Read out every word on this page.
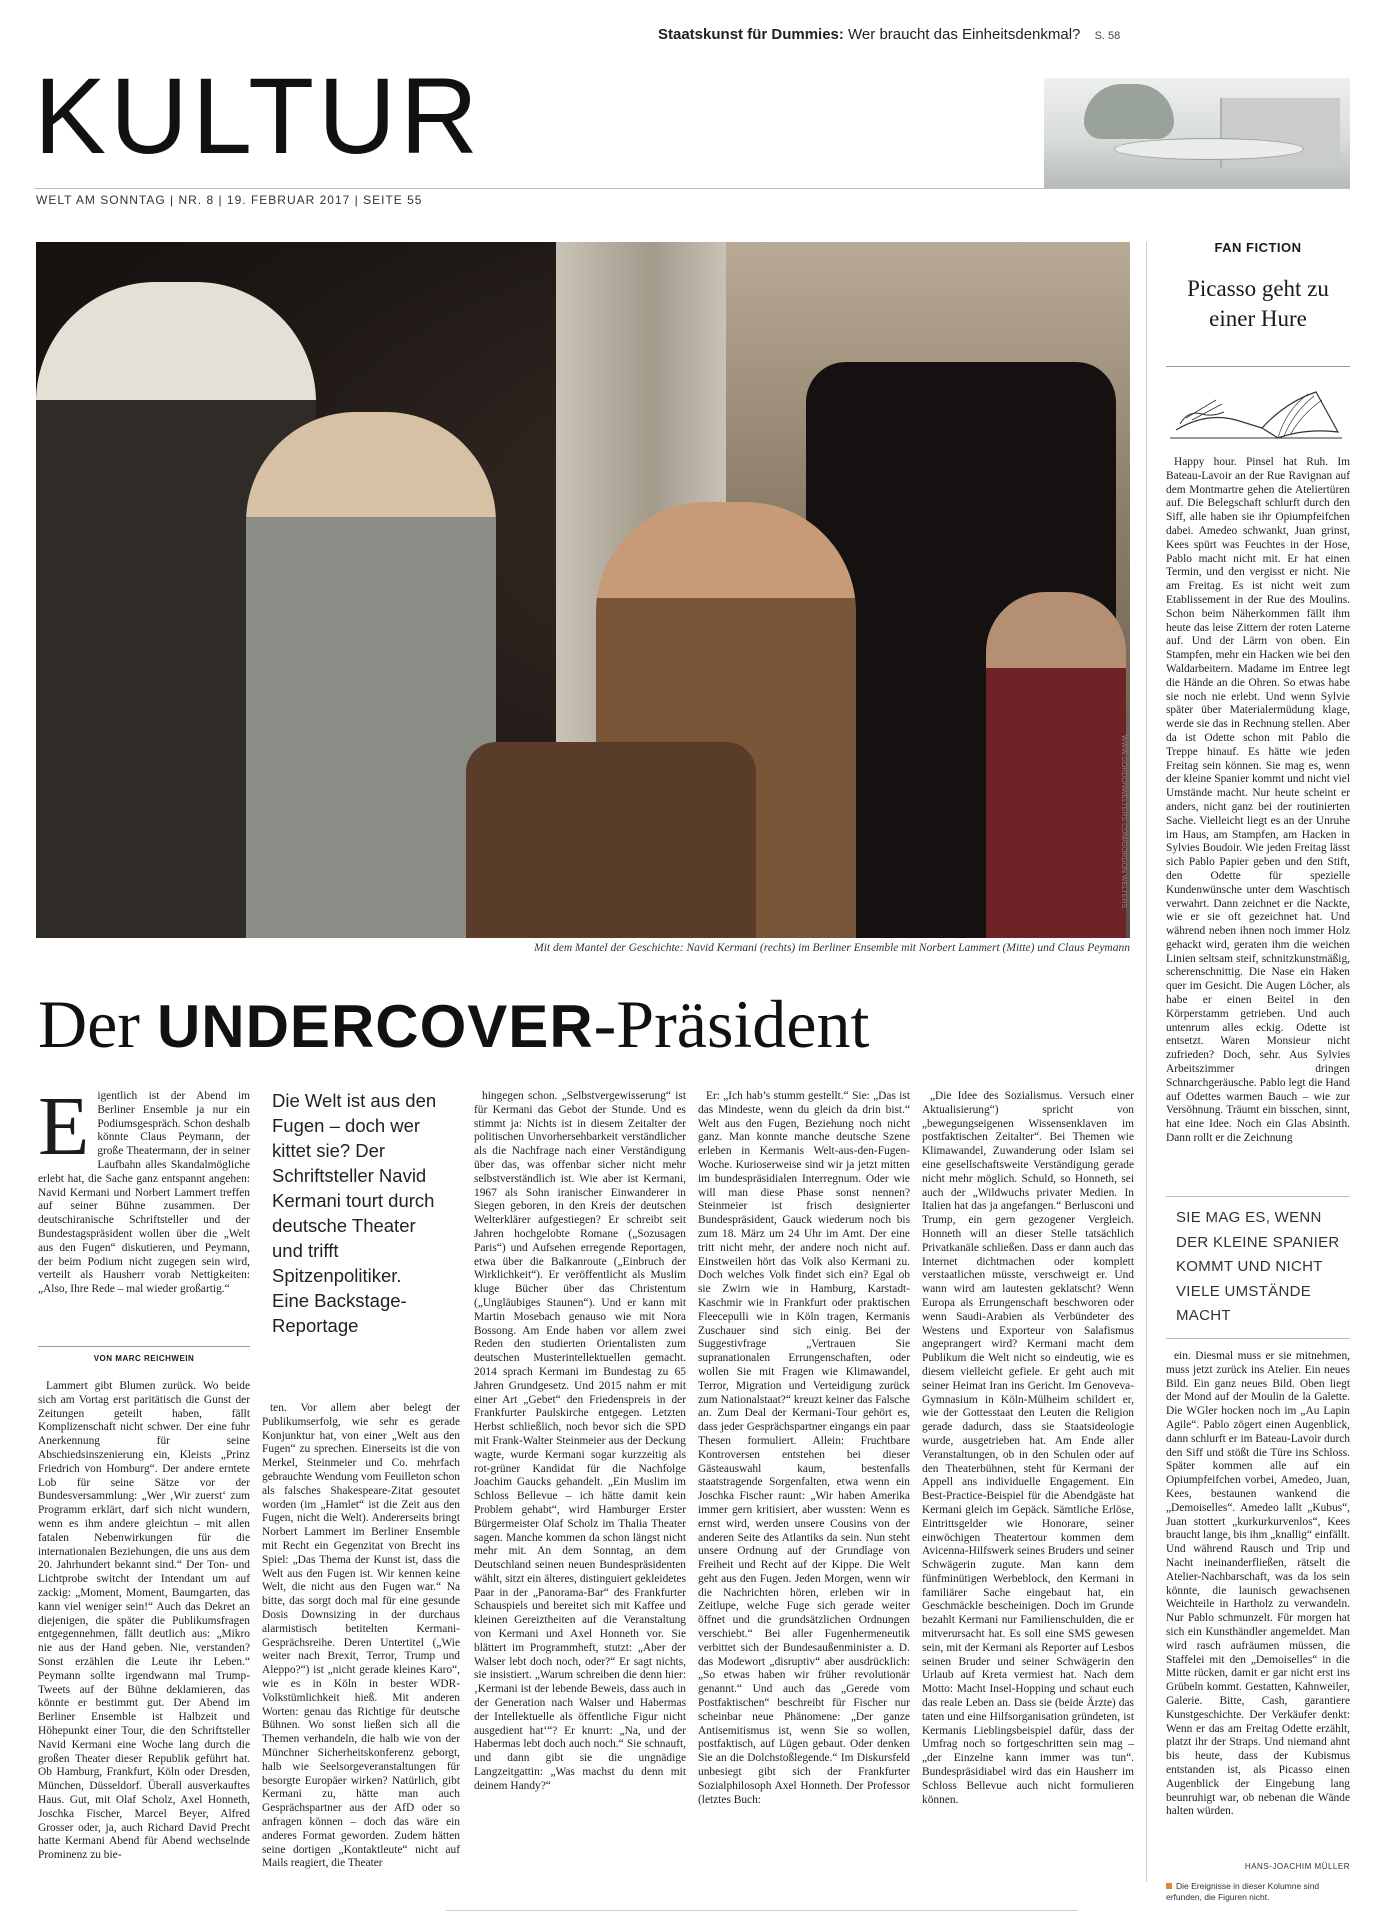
Staatskunst für Dummies: Wer braucht das Einheitsdenkmal? S. 58
KULTUR
WELT AM SONNTAG | NR. 8 | 19. FEBRUAR 2017 | SEITE 55
WWW.GORDONWELTERS.COM/GORDON WELTERS
Mit dem Mantel der Geschichte: Navid Kermani (rechts) im Berliner Ensemble mit Norbert Lammert (Mitte) und Claus Peymann
Der UNDERCOVER-Präsident
Eigentlich ist der Abend im Berliner Ensemble ja nur ein Podiumsgespräch. Schon deshalb könnte Claus Peymann, der große Theatermann, der in seiner Laufbahn alles Skandalmögliche erlebt hat, die Sache ganz entspannt angehen: Navid Kermani und Norbert Lammert treffen auf seiner Bühne zusammen. Der deutschiranische Schriftsteller und der Bundestagspräsident wollen über die „Welt aus den Fugen“ diskutieren, und Peymann, der beim Podium nicht zugegen sein wird, verteilt als Hausherr vorab Nettigkeiten: „Also, Ihre Rede – mal wieder großartig.“
VON MARC REICHWEIN

Lammert gibt Blumen zurück. Wo beide sich am Vortag erst paritätisch die Gunst der Zeitungen geteilt haben, fällt Komplizenschaft nicht schwer. Der eine fuhr Anerkennung für seine Abschiedsinszenierung ein, Kleists „Prinz Friedrich von Homburg“. Der andere erntete Lob für seine Sätze vor der Bundesversammlung: „Wer ‚Wir zuerst‘ zum Programm erklärt, darf sich nicht wundern, wenn es ihm andere gleichtun – mit allen fatalen Nebenwirkungen für die internationalen Beziehungen, die uns aus dem 20. Jahrhundert bekannt sind.“ Der Ton- und Lichtprobe switcht der Intendant um auf zackig: „Moment, Moment, Baumgarten, das kann viel weniger sein!“ Auch das Dekret an diejenigen, die später die Publikumsfragen entgegennehmen, fällt deutlich aus: „Mikro nie aus der Hand geben. Nie, verstanden? Sonst erzählen die Leute ihr Leben.“ Peymann sollte irgendwann mal Trump-Tweets auf der Bühne deklamieren, das könnte er bestimmt gut. Der Abend im Berliner Ensemble ist Halbzeit und Höhepunkt einer Tour, die den Schriftsteller Navid Kermani eine Woche lang durch die großen Theater dieser Republik geführt hat. Ob Hamburg, Frankfurt, Köln oder Dresden, München, Düsseldorf. Überall ausverkauftes Haus. Gut, mit Olaf Scholz, Axel Honneth, Joschka Fischer, Marcel Beyer, Alfred Grosser oder, ja, auch Richard David Precht hatte Kermani Abend für Abend wechselnde Prominenz zu bie-

Die Welt ist aus den Fugen – doch wer kittet sie? Der Schriftsteller Navid Kermani tourt durch deutsche Theater und trifft Spitzenpolitiker. Eine Backstage-Reportage

ten. Vor allem aber belegt der Publikumserfolg, wie sehr es gerade Konjunktur hat, von einer „Welt aus den Fugen“ zu sprechen. Einerseits ist die von Merkel, Steinmeier und Co. mehrfach gebrauchte Wendung vom Feuilleton schon als falsches Shakespeare-Zitat gesoutet worden (im „Hamlet“ ist die Zeit aus den Fugen, nicht die Welt). Andererseits bringt Norbert Lammert im Berliner Ensemble mit Recht ein Gegenzitat von Brecht ins Spiel: „Das Thema der Kunst ist, dass die Welt aus den Fugen ist. Wir kennen keine Welt, die nicht aus den Fugen war.“ Na bitte, das sorgt doch mal für eine gesunde Dosis Downsizing in der durchaus alarmistisch betitelten Kermani-Gesprächsreihe. Deren Untertitel („Wie weiter nach Brexit, Terror, Trump und Aleppo?“) ist „nicht gerade kleines Karo“, wie es in Köln in bester WDR-Volkstümlichkeit hieß. Mit anderen Worten: genau das Richtige für deutsche Bühnen. Wo sonst ließen sich all die Themen verhandeln, die halb wie von der Münchner Sicherheitskonferenz geborgt, halb wie Seelsorgeveranstaltungen für besorgte Europäer wirken? Natürlich, gibt Kermani zu, hätte man auch Gesprächspartner aus der AfD oder so anfragen können – doch das wäre ein anderes Format geworden. Zudem hätten seine dortigen „Kontaktleute“ nicht auf Mails reagiert, die Theater

hingegen schon. „Selbstvergewisserung“ ist für Kermani das Gebot der Stunde. Und es stimmt ja: Nichts ist in diesem Zeitalter der politischen Unvorhersehbarkeit verständlicher als die Nachfrage nach einer Verständigung über das, was offenbar sicher nicht mehr selbstverständlich ist. Wie aber ist Kermani, 1967 als Sohn iranischer Einwanderer in Siegen geboren, in den Kreis der deutschen Welterklärer aufgestiegen? Er schreibt seit Jahren hochgelobte Romane („Sozusagen Paris“) und Aufsehen erregende Reportagen, etwa über die Balkanroute („Einbruch der Wirklichkeit“). Er veröffentlicht als Muslim kluge Bücher über das Christentum („Ungläubiges Staunen“). Und er kann mit Martin Mosebach genauso wie mit Nora Bossong. Am Ende haben vor allem zwei Reden den studierten Orientalisten zum deutschen Musterintellektuellen gemacht. 2014 sprach Kermani im Bundestag zu 65 Jahren Grundgesetz. Und 2015 nahm er mit einer Art „Gebet“ den Friedenspreis in der Frankfurter Paulskirche entgegen. Letzten Herbst schließlich, noch bevor sich die SPD mit Frank-Walter Steinmeier aus der Deckung wagte, wurde Kermani sogar kurzzeitig als rot-grüner Kandidat für die Nachfolge Joachim Gaucks gehandelt. „Ein Muslim im Schloss Bellevue – ich hätte damit kein Problem gehabt“, wird Hamburger Erster Bürgermeister Olaf Scholz im Thalia Theater sagen. Manche kommen da schon längst nicht mehr mit. An dem Sonntag, an dem Deutschland seinen neuen Bundespräsidenten wählt, sitzt ein älteres, distinguiert gekleidetes Paar in der „Panorama-Bar“ des Frankfurter Schauspiels und bereitet sich mit Kaffee und kleinen Gereiztheiten auf die Veranstaltung von Kermani und Axel Honneth vor. Sie blättert im Programmheft, stutzt: „Aber der Walser lebt doch noch, oder?“ Er sagt nichts, sie insistiert. „Warum schreiben die denn hier: ‚Kermani ist der lebende Beweis, dass auch in der Generation nach Walser und Habermas der Intellektuelle als öffentliche Figur nicht ausgedient hat‘“? Er knurrt: „Na, und der Habermas lebt doch auch noch.“ Sie schnauft, und dann gibt sie die ungnädige Langzeitgattin: „Was machst du denn mit deinem Handy?“

Er: „Ich hab’s stumm gestellt.“ Sie: „Das ist das Mindeste, wenn du gleich da drin bist.“ Welt aus den Fugen, Beziehung noch nicht ganz. Man konnte manche deutsche Szene erleben in Kermanis Welt-aus-den-Fugen-Woche. Kurioserweise sind wir ja jetzt mitten im bundespräsidialen Interregnum. Oder wie will man diese Phase sonst nennen? Steinmeier ist frisch designierter Bundespräsident, Gauck wiederum noch bis zum 18. März um 24 Uhr im Amt. Der eine tritt nicht mehr, der andere noch nicht auf. Einstweilen hört das Volk also Kermani zu. Doch welches Volk findet sich ein? Egal ob sie Zwirn wie in Hamburg, Karstadt-Kaschmir wie in Frankfurt oder praktischen Fleecepulli wie in Köln tragen, Kermanis Zuschauer sind sich einig. Bei der Suggestivfrage „Vertrauen Sie supranationalen Errungenschaften, oder wollen Sie mit Fragen wie Klimawandel, Terror, Migration und Verteidigung zurück zum Nationalstaat?“ kreuzt keiner das Falsche an. Zum Deal der Kermani-Tour gehört es, dass jeder Gesprächspartner eingangs ein paar Thesen formuliert. Allein: Fruchtbare Kontroversen entstehen bei dieser Gästeauswahl kaum, bestenfalls staatstragende Sorgenfalten, etwa wenn ein Joschka Fischer raunt: „Wir haben Amerika immer gern kritisiert, aber wussten: Wenn es ernst wird, werden unsere Cousins von der anderen Seite des Atlantiks da sein. Nun steht unsere Ordnung auf der Grundlage von Freiheit und Recht auf der Kippe. Die Welt geht aus den Fugen. Jeden Morgen, wenn wir die Nachrichten hören, erleben wir in Zeitlupe, welche Fuge sich gerade weiter öffnet und die grundsätzlichen Ordnungen verschiebt.“ Bei aller Fugenhermeneutik verbittet sich der Bundesaußenminister a. D. das Modewort „disruptiv“ aber ausdrücklich: „So etwas haben wir früher revolutionär genannt.“ Und auch das „Gerede vom Postfaktischen“ beschreibt für Fischer nur scheinbar neue Phänomene: „Der ganze Antisemitismus ist, wenn Sie so wollen, postfaktisch, auf Lügen gebaut. Oder denken Sie an die Dolchstoßlegende.“ Im Diskursfeld unbesiegt gibt sich der Frankfurter Sozialphilosoph Axel Honneth. Der Professor (letztes Buch:

„Die Idee des Sozialismus. Versuch einer Aktualisierung“) spricht von „bewegungseigenen Wissensenklaven im postfaktischen Zeitalter“. Bei Themen wie Klimawandel, Zuwanderung oder Islam sei eine gesellschaftsweite Verständigung gerade nicht mehr möglich. Schuld, so Honneth, sei auch der „Wildwuchs privater Medien. In Italien hat das ja angefangen.“ Berlusconi und Trump, ein gern gezogener Vergleich. Honneth will an dieser Stelle tatsächlich Privatkanäle schließen. Dass er dann auch das Internet dichtmachen oder komplett verstaatlichen müsste, verschweigt er. Und wann wird am lautesten geklatscht? Wenn Europa als Errungenschaft beschworen oder wenn Saudi-Arabien als Verbündeter des Westens und Exporteur von Salafismus angeprangert wird? Kermani macht dem Publikum die Welt nicht so eindeutig, wie es diesem vielleicht gefiele. Er geht auch mit seiner Heimat Iran ins Gericht. Im Genoveva-Gymnasium in Köln-Mülheim schildert er, wie der Gottesstaat den Leuten die Religion gerade dadurch, dass sie Staatsideologie wurde, ausgetrieben hat. Am Ende aller Veranstaltungen, ob in den Schulen oder auf den Theaterbühnen, steht für Kermani der Appell ans individuelle Engagement. Ein Best-Practice-Beispiel für die Abendgäste hat Kermani gleich im Gepäck. Sämtliche Erlöse, Eintrittsgelder wie Honorare, seiner einwöchigen Theatertour kommen dem Avicenna-Hilfswerk seines Bruders und seiner Schwägerin zugute. Man kann dem fünfminütigen Werbeblock, den Kermani in familiärer Sache eingebaut hat, ein Geschmäckle bescheinigen. Doch im Grunde bezahlt Kermani nur Familienschulden, die er mitverursacht hat. Es soll eine SMS gewesen sein, mit der Kermani als Reporter auf Lesbos seinen Bruder und seiner Schwägerin den Urlaub auf Kreta vermiest hat. Nach dem Motto: Macht Insel-Hopping und schaut euch das reale Leben an. Dass sie (beide Ärzte) das taten und eine Hilfsorganisation gründeten, ist Kermanis Lieblingsbeispiel dafür, dass der Umfrag noch so fortgeschritten sein mag – „der Einzelne kann immer was tun“. Bundespräsidiabel wird das ein Hausherr im Schloss Bellevue auch nicht formulieren können.

FAN FICTION
Picasso geht zu einer Hure

Happy hour. Pinsel hat Ruh. Im Bateau-Lavoir an der Rue Ravignan auf dem Montmartre gehen die Ateliertüren auf. Die Belegschaft schlurft durch den Siff, alle haben sie ihr Opiumpfeifchen dabei. Amedeo schwankt, Juan grinst, Kees spürt was Feuchtes in der Hose, Pablo macht nicht mit. Er hat einen Termin, und den vergisst er nicht. Nie am Freitag. Es ist nicht weit zum Etablissement in der Rue des Moulins. Schon beim Näherkommen fällt ihm heute das leise Zittern der roten Laterne auf. Und der Lärm von oben. Ein Stampfen, mehr ein Hacken wie bei den Waldarbeitern. Madame im Entree legt die Hände an die Ohren. So etwas habe sie noch nie erlebt. Und wenn Sylvie später über Materialermüdung klage, werde sie das in Rechnung stellen. Aber da ist Odette schon mit Pablo die Treppe hinauf. Es hätte wie jeden Freitag sein können. Sie mag es, wenn der kleine Spanier kommt und nicht viel Umstände macht. Nur heute scheint er anders, nicht ganz bei der routinierten Sache. Vielleicht liegt es an der Unruhe im Haus, am Stampfen, am Hacken in Sylvies Boudoir. Wie jeden Freitag lässt sich Pablo Papier geben und den Stift, den Odette für spezielle Kundenwünsche unter dem Waschtisch verwahrt. Dann zeichnet er die Nackte, wie er sie oft gezeichnet hat. Und während neben ihnen noch immer Holz gehackt wird, geraten ihm die weichen Linien seltsam steif, schnitzkunstmäßig, scherenschnittig. Die Nase ein Haken quer im Gesicht. Die Augen Löcher, als habe er einen Beitel in den Körperstamm getrieben. Und auch untenrum alles eckig. Odette ist entsetzt. Waren Monsieur nicht zufrieden? Doch, sehr. Aus Sylvies Arbeitszimmer dringen Schnarchgeräusche. Pablo legt die Hand auf Odettes warmen Bauch – wie zur Versöhnung. Träumt ein bisschen, sinnt, hat eine Idee. Noch ein Glas Absinth. Dann rollt er die Zeichnung

SIE MAG ES, WENN DER KLEINE SPANIER KOMMT UND NICHT VIELE UMSTÄNDE MACHT

ein. Diesmal muss er sie mitnehmen, muss jetzt zurück ins Atelier. Ein neues Bild. Ein ganz neues Bild. Oben liegt der Mond auf der Moulin de la Galette. Die WGler hocken noch im „Au Lapin Agile“. Pablo zögert einen Augenblick, dann schlurft er im Bateau-Lavoir durch den Siff und stößt die Türe ins Schloss. Später kommen alle auf ein Opiumpfeifchen vorbei, Amedeo, Juan, Kees, bestaunen wankend die „Demoiselles“. Amedeo lallt „Kubus“, Juan stottert „kurkurkurvenlos“, Kees braucht lange, bis ihm „knallig“ einfällt. Und während Rausch und Trip und Nacht ineinanderfließen, rätselt die Atelier-Nachbarschaft, was da los sein könnte, die launisch gewachsenen Weichteile in Hartholz zu verwandeln. Nur Pablo schmunzelt. Für morgen hat sich ein Kunsthändler angemeldet. Man wird rasch aufräumen müssen, die Staffelei mit den „Demoiselles“ in die Mitte rücken, damit er gar nicht erst ins Grübeln kommt. Gestatten, Kahnweiler, Galerie. Bitte, Cash, garantiere Kunstgeschichte. Der Verkäufer denkt: Wenn er das am Freitag Odette erzählt, platzt ihr der Straps. Und niemand ahnt bis heute, dass der Kubismus entstanden ist, als Picasso einen Augenblick der Eingebung lang beunruhigt war, ob nebenan die Wände halten würden.

HANS-JOACHIM MÜLLER
Die Ereignisse in dieser Kolumne sind erfunden, die Figuren nicht.
